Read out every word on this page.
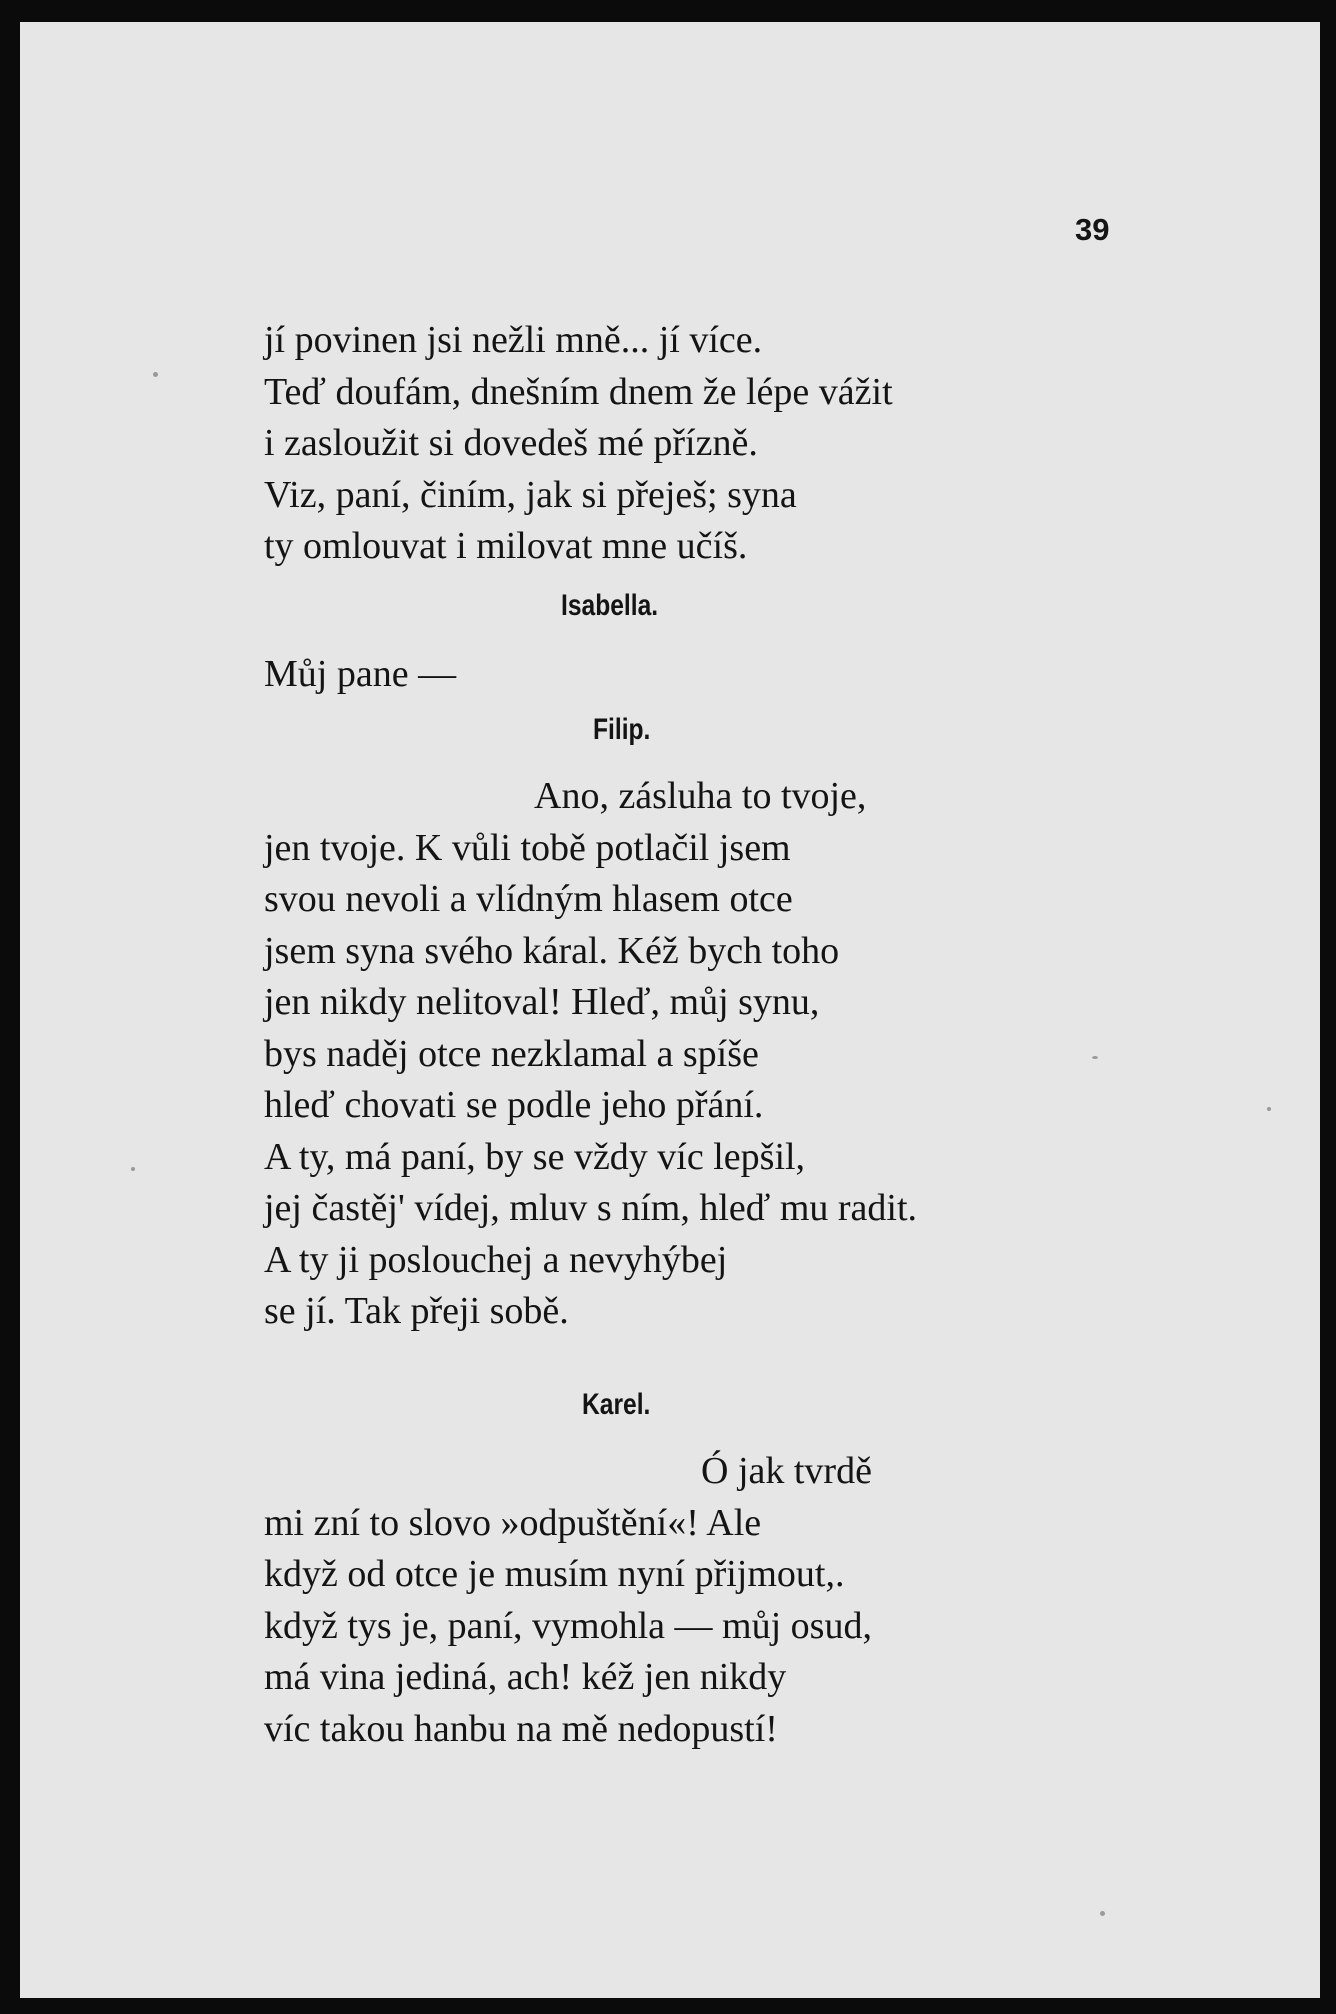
39

jí povinen jsi nežli mně... jí více.
Teď doufám, dnešním dnem že lépe vážit
i zasloužit si dovedeš mé přízně.
Viz, paní, činím, jak si přeješ; syna
ty omlouvat i milovat mne učíš.

Isabella.

Můj pane —

Filip.

Ano, zásluha to tvoje,
jen tvoje. K vůli tobě potlačil jsem
svou nevoli a vlídným hlasem otce
jsem syna svého káral. Kéž bych toho
jen nikdy nelitoval! Hleď, můj synu,
bys naděj otce nezklamal a spíše
hleď chovati se podle jeho přání.
A ty, má paní, by se vždy víc lepšil,
jej častěj' vídej, mluv s ním, hleď mu radit.
A ty ji poslouchej a nevyhýbej
se jí. Tak přeji sobě.

Karel.

Ó jak tvrdě
mi zní to slovo »odpuštění«! Ale
když od otce je musím nyní přijmout,.
když tys je, paní, vymohla — můj osud,
má vina jediná, ach! kéž jen nikdy
víc takou hanbu na mě nedopustí!
